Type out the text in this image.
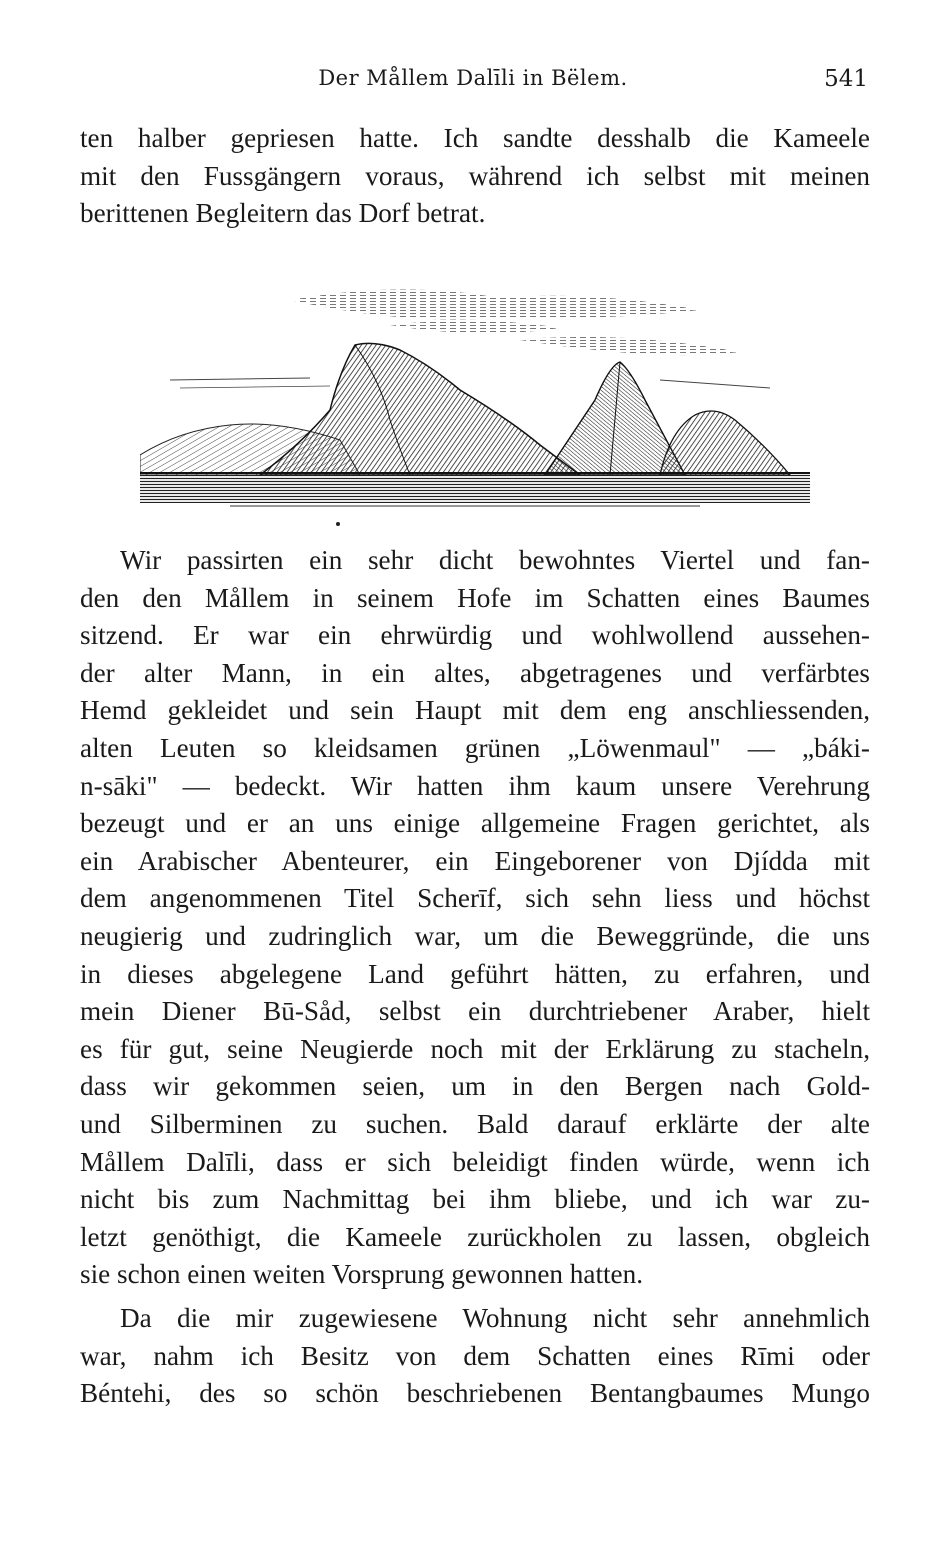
Der Mållem Dalīli in Bëlem.	541
ten halber gepriesen hatte. Ich sandte desshalb die Kameele
mit den Fussgängern voraus, während ich selbst mit meinen
berittenen Begleitern das Dorf betrat.
Wir passirten ein sehr dicht bewohntes Viertel und fan-
den den Mållem in seinem Hofe im Schatten eines Baumes
sitzend. Er war ein ehrwürdig und wohlwollend aussehen-
der alter Mann, in ein altes, abgetragenes und verfärbtes
Hemd gekleidet und sein Haupt mit dem eng anschliessenden,
alten Leuten so kleidsamen grünen „Löwenmaul" — „báki-
n-sāki" — bedeckt. Wir hatten ihm kaum unsere Verehrung
bezeugt und er an uns einige allgemeine Fragen gerichtet, als
ein Arabischer Abenteurer, ein Eingeborener von Djídda mit
dem angenommenen Titel Scherīf, sich sehn liess und höchst
neugierig und zudringlich war, um die Beweggründe, die uns
in dieses abgelegene Land geführt hätten, zu erfahren, und
mein Diener Bū-Såd, selbst ein durchtriebener Araber, hielt
es für gut, seine Neugierde noch mit der Erklärung zu stacheln,
dass wir gekommen seien, um in den Bergen nach Gold-
und Silberminen zu suchen. Bald darauf erklärte der alte
Mållem Dalīli, dass er sich beleidigt finden würde, wenn ich
nicht bis zum Nachmittag bei ihm bliebe, und ich war zu-
letzt genöthigt, die Kameele zurückholen zu lassen, obgleich
sie schon einen weiten Vorsprung gewonnen hatten.
Da die mir zugewiesene Wohnung nicht sehr annehmlich
war, nahm ich Besitz von dem Schatten eines Rīmi oder
Béntehi, des so schön beschriebenen Bentangbaumes Mungo
